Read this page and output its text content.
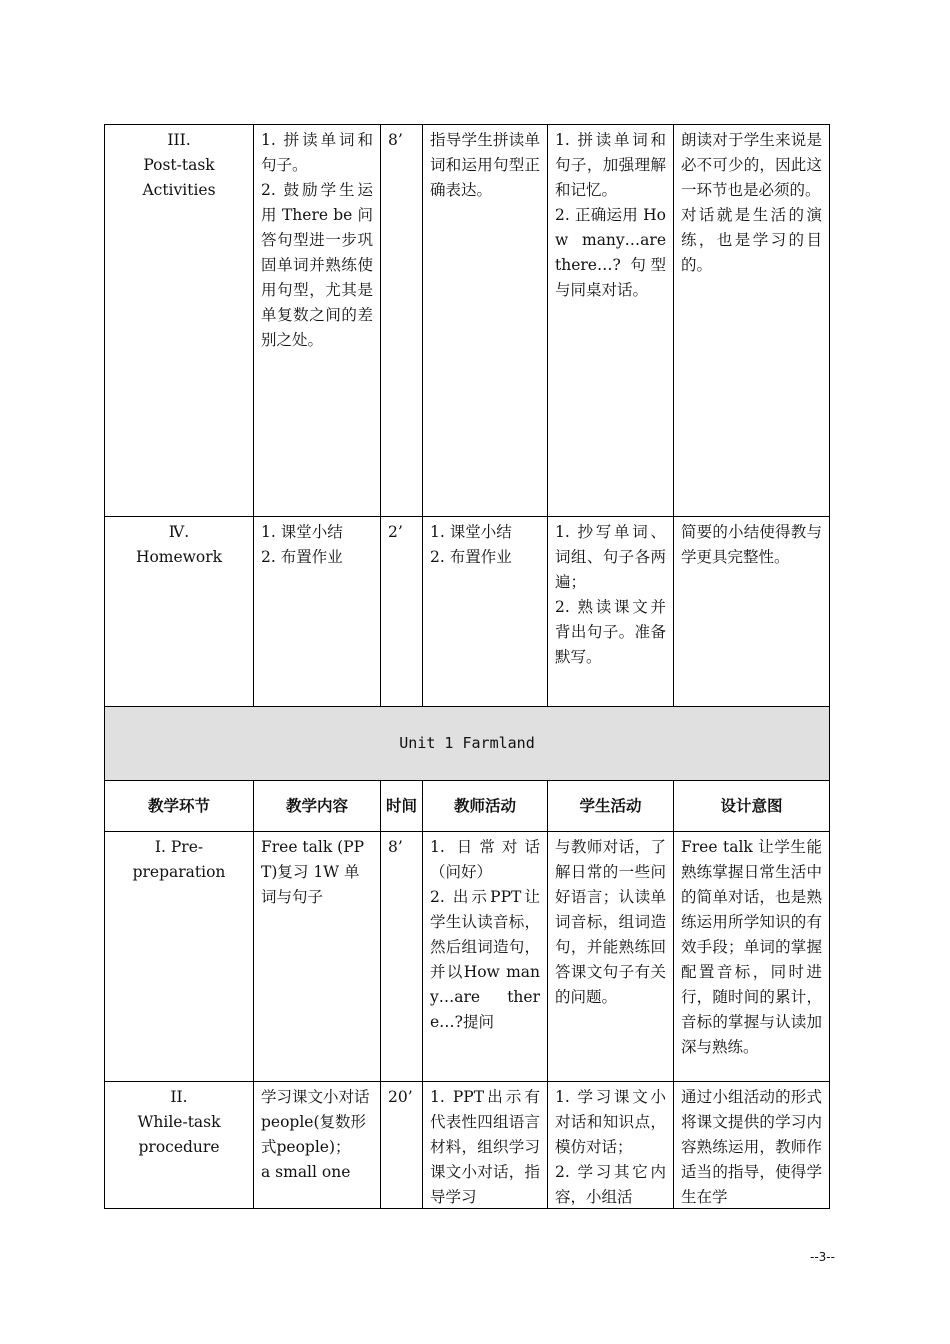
III.
Post-task
Activities	1. 拼读单词和句子。
2. 鼓励学生运用 There be 问答句型进一步巩固单词并熟练使用句型，尤其是单复数之间的差别之处。	8’	指导学生拼读单词和运用句型正确表达。	1. 拼读单词和句子，加强理解和记忆。
2. 正确运用 How many…are there…? 句型与同桌对话。	朗读对于学生来说是必不可少的，因此这一环节也是必须的。
对话就是生活的演练，也是学习的目的。

Ⅳ.
Homework	1. 课堂小结
2. 布置作业	2’	1. 课堂小结
2. 布置作业	1. 抄写单词、词组、句子各两遍；
2. 熟读课文并背出句子。准备默写。	简要的小结使得教与学更具完整性。

Unit 1 Farmland					
教学环节	教学内容	时间	教师活动	学生活动	设计意图

I. Pre-
preparation	Free talk (PPT)复习 1W 单词与句子	8’	1. 日常对话（问好）
2. 出示PPT让学生认读音标，然后组词造句，并以How many…are there…?提问	与教师对话，了解日常的一些问好语言；认读单词音标，组词造句，并能熟练回答课文句子有关的问题。	Free talk 让学生能熟练掌握日常生活中的简单对话，也是熟练运用所学知识的有效手段；单词的掌握配置音标，同时进行，随时间的累计，音标的掌握与认读加深与熟练。

II.
While-task
procedure	学习课文小对话
people(复数形式people)；
a small one	20’	1. PPT出示有代表性四组语言材料，组织学习课文小对话，指导学习	1. 学习课文小对话和知识点，模仿对话；
2. 学习其它内容，小组活	通过小组活动的形式将课文提供的学习内容熟练运用，教师作适当的指导，使得学生在学
--3--
